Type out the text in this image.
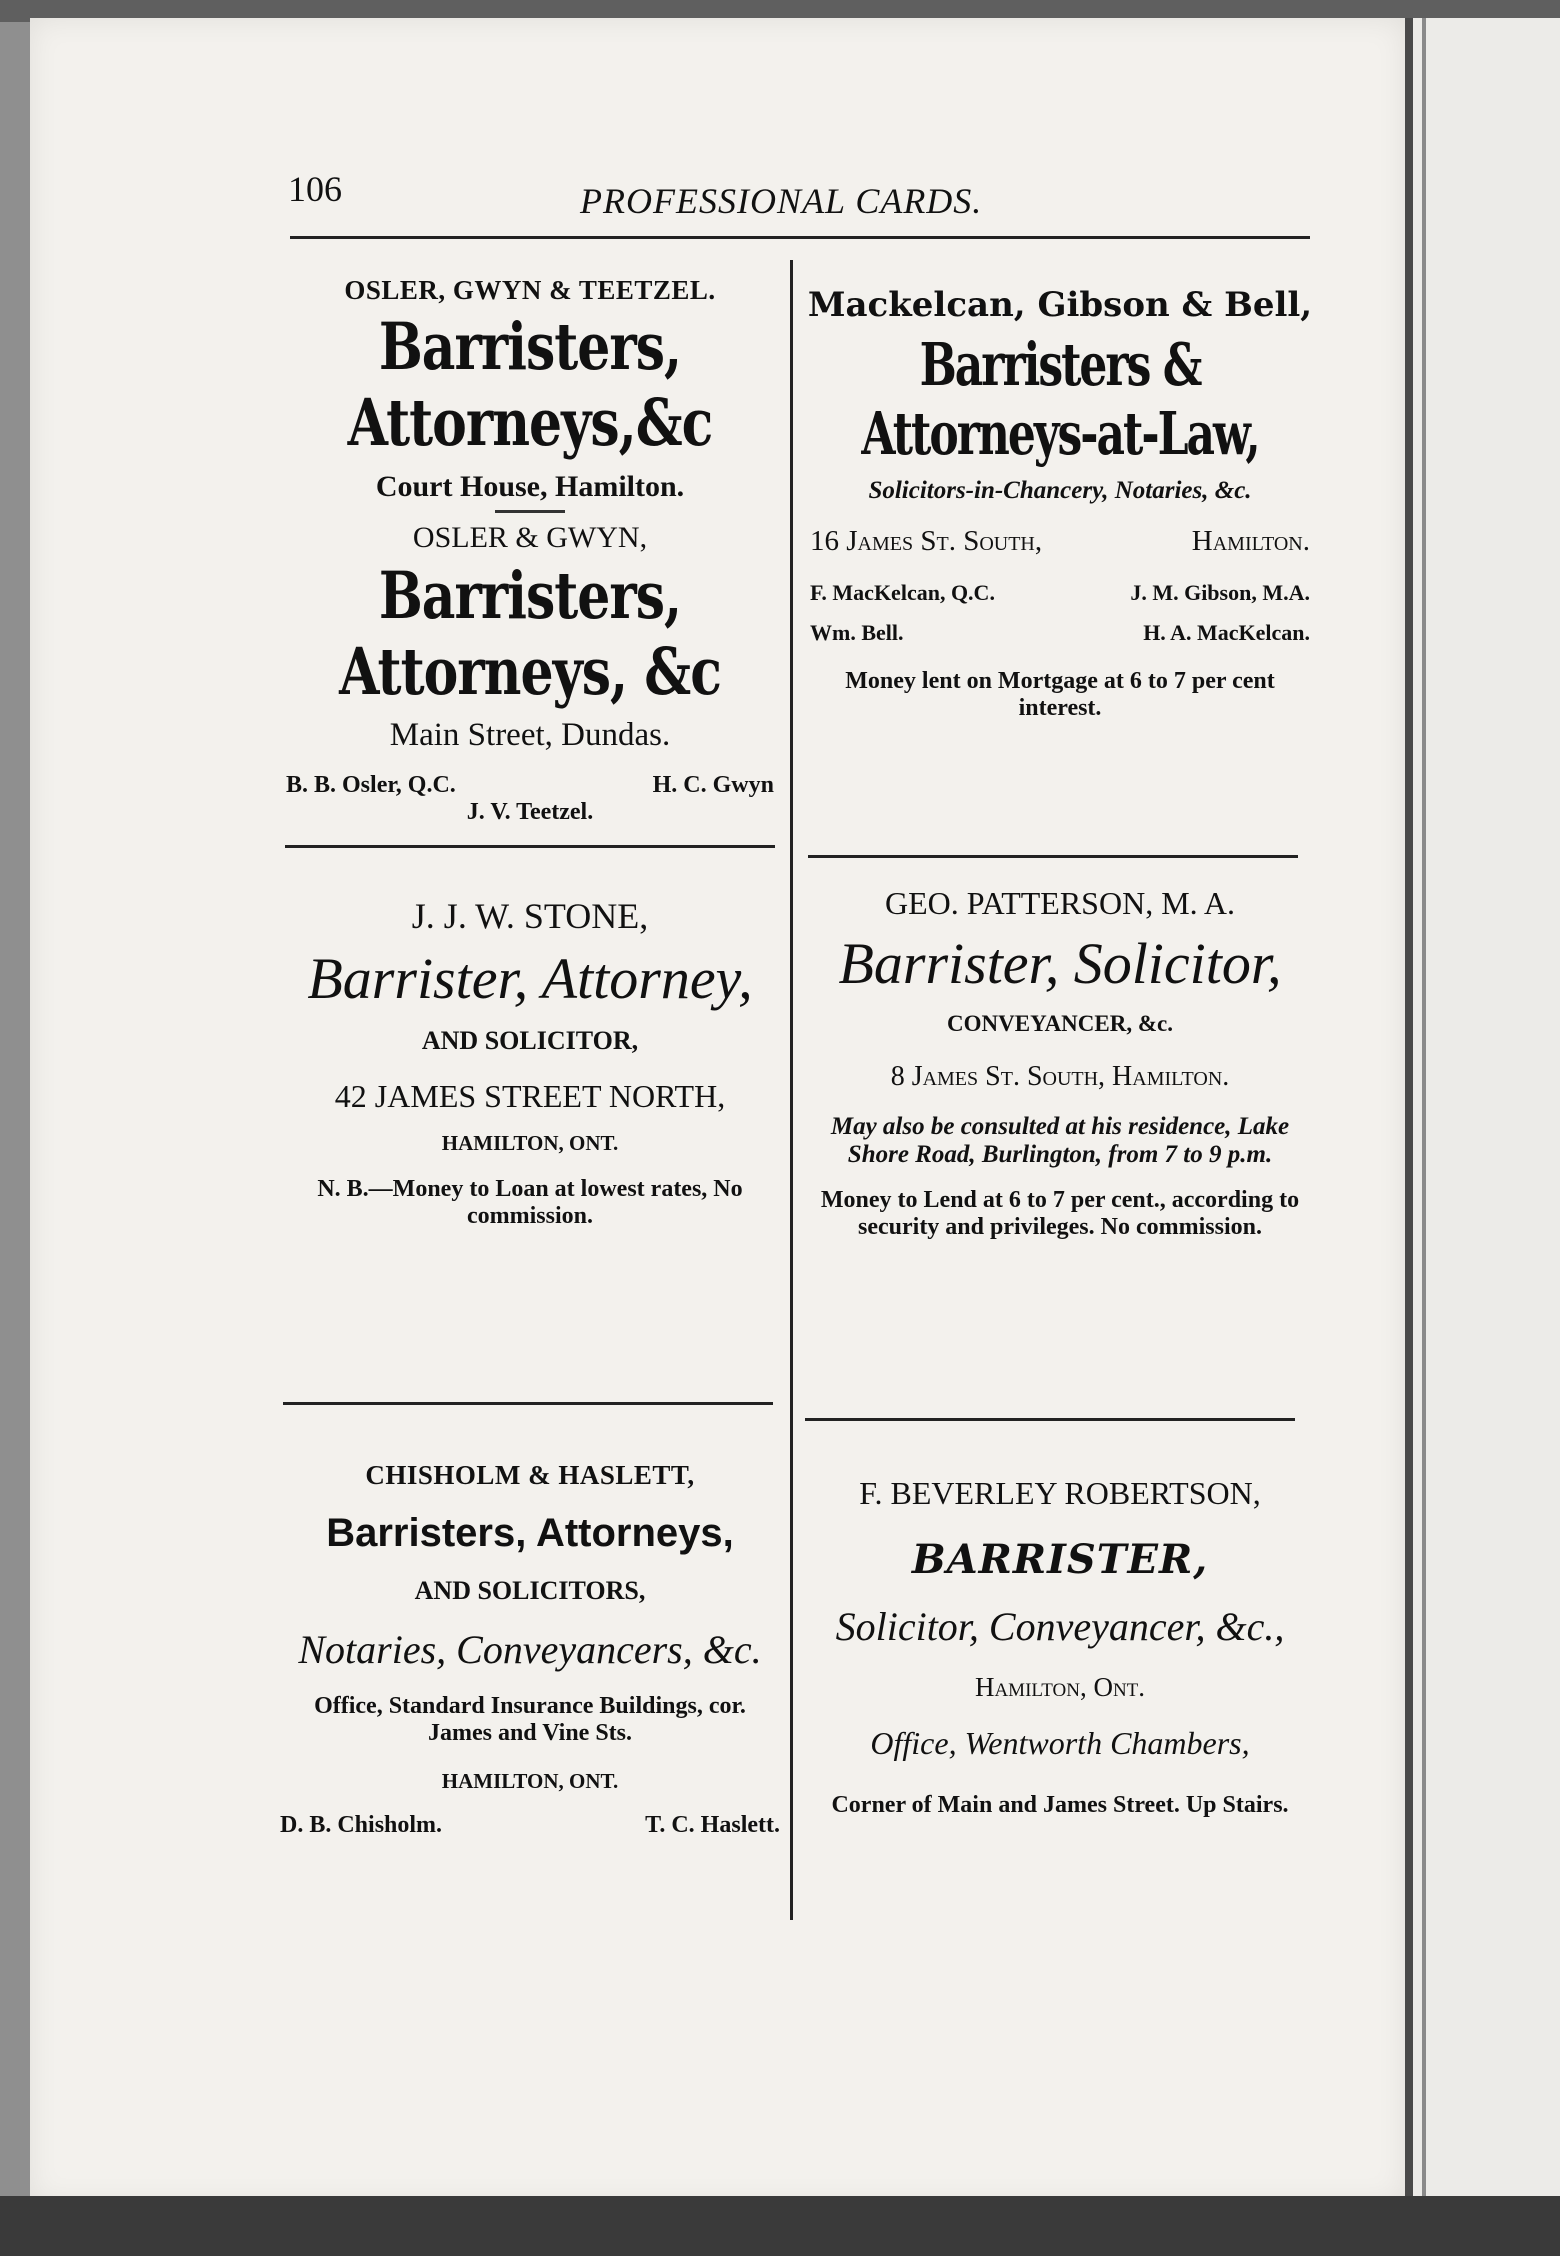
106	PROFESSIONAL CARDS.
OSLER, GWYN & TEETZEL.
Barristers, Attorneys,&c
Court House, Hamilton.
OSLER & GWYN,
Barristers, Attorneys, &c
Main Street, Dundas.
B. B. Osler, Q.C.	H. C. Gwyn
J. V. Teetzel.
J. J. W. STONE,
Barrister, Attorney,
AND SOLICITOR,
42 JAMES STREET NORTH,
HAMILTON, ONT.
N. B.—Money to Loan at lowest rates, No commission.
CHISHOLM & HASLETT,
Barristers, Attorneys,
AND SOLICITORS,
Notaries, Conveyancers, &c.
Office, Standard Insurance Buildings, cor. James and Vine Sts.
HAMILTON, ONT.
D. B. Chisholm.	T. C. Haslett.
Mackelcan, Gibson & Bell,
Barristers & Attorneys-at-Law,
Solicitors-in-Chancery, Notaries, &c.
16 James St. South,	Hamilton.
F. MacKelcan, Q.C.	J. M. Gibson, M.A.
Wm. Bell.	H. A. MacKelcan.
Money lent on Mortgage at 6 to 7 per cent interest.
GEO. PATTERSON, M. A.
Barrister, Solicitor,
CONVEYANCER, &c.
8 James St. South, Hamilton.
May also be consulted at his residence, Lake Shore Road, Burlington, from 7 to 9 p.m.
Money to Lend at 6 to 7 per cent., according to security and privileges. No commission.
F. BEVERLEY ROBERTSON,
BARRISTER,
Solicitor, Conveyancer, &c.,
Hamilton, Ont.
Office, Wentworth Chambers,
Corner of Main and James Street. Up Stairs.
